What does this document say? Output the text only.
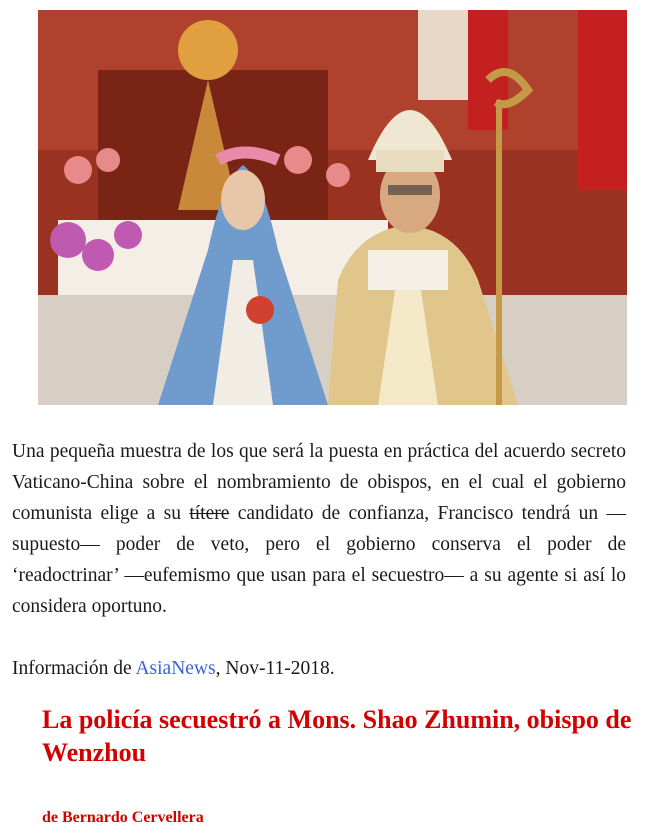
Una pequeña muestra de los que será la puesta en práctica del acuerdo secreto Vaticano-China sobre el nombramiento de obispos, en el cual el gobierno comunista elige a su títere candidato de confianza, Francisco tendrá un —supuesto— poder de veto, pero el gobierno conserva el poder de ‘readoctrinar’ —eufemismo que usan para el secuestro— a su agente si así lo considera oportuno.

Información de AsiaNews, Nov-11-2018.

La policía secuestró a Mons. Shao Zhumin, obispo de Wenzhou

de Bernardo Cervellera
